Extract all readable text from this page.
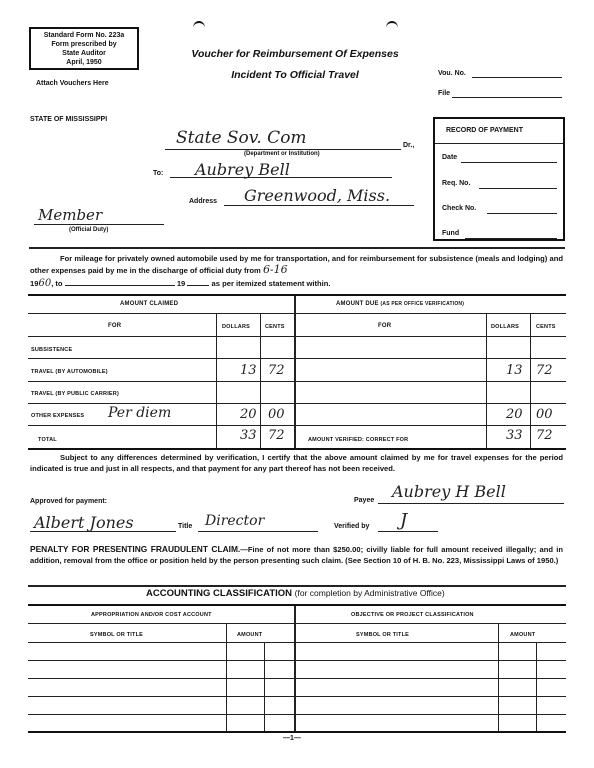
Standard Form No. 223a
Form prescribed by
State Auditor
April, 1950
Attach Vouchers Here
Voucher for Reimbursement Of Expenses
Incident To Official Travel	Vou. No.
File
STATE OF MISSISSIPPI
RECORD OF PAYMENT
Date
Req. No.
Check No.
Fund
State Sov. Com	Dr.,
(Department or Institution)
To: Aubrey Bell
Address Greenwood, Miss.
Member
(Official Duty)
For mileage for privately owned automobile used by me for transportation, and for reimbursement for subsistence (meals and lodging) and other expenses paid by me in the discharge of official duty from 6-16
1960, to	19	as per itemized statement within.
AMOUNT CLAIMED	AMOUNT DUE (AS PER OFFICE VERIFICATION)
FOR	DOLLARS	CENTS	FOR	DOLLARS	CENTS
SUBSISTENCE
TRAVEL (BY AUTOMOBILE)	13 72	13 72
TRAVEL (BY PUBLIC CARRIER)
OTHER EXPENSES Per diem	20 00	20 00
TOTAL	33 72	AMOUNT VERIFIED: CORRECT FOR	33 72
Subject to any differences determined by verification, I certify that the above amount claimed by me for travel expenses for the period indicated is true and just in all respects, and that payment for any part thereof has not been received.
Approved for payment:	Payee Aubrey H Bell
Albert Jones	Title Director	Verified by J
PENALTY FOR PRESENTING FRAUDULENT CLAIM.—Fine of not more than $250.00; civilly liable for full amount received illegally; and in addition, removal from the office or position held by the person presenting such claim. (See Section 10 of H. B. No. 223, Mississippi Laws of 1950.)
ACCOUNTING CLASSIFICATION (for completion by Administrative Office)
APPROPRIATION AND/OR COST ACCOUNT	OBJECTIVE OR PROJECT CLASSIFICATION
SYMBOL OR TITLE	AMOUNT	SYMBOL OR TITLE	AMOUNT
—1—
